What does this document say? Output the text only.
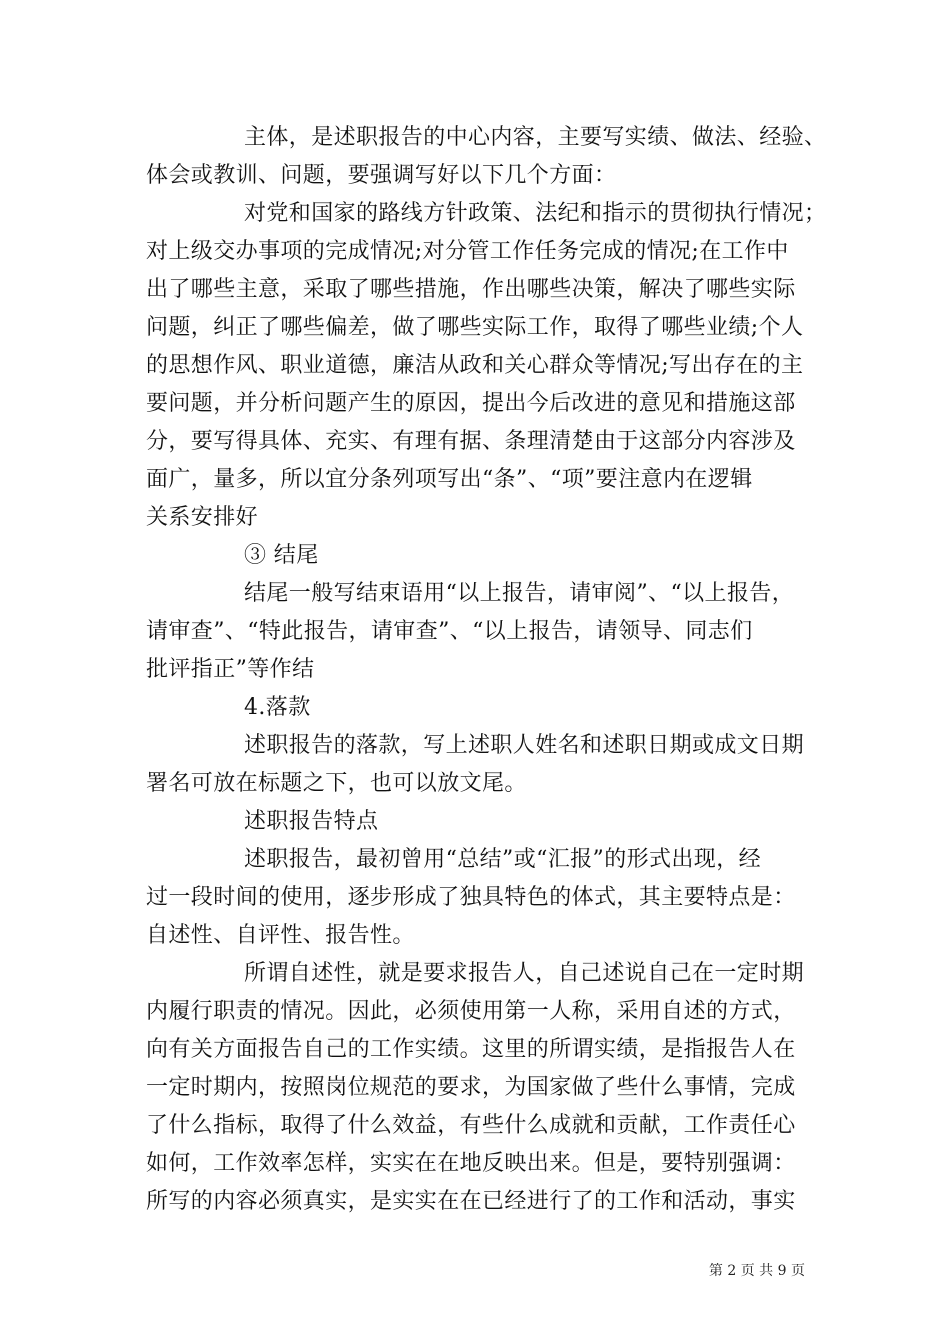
主体，是述职报告的中心内容，主要写实绩、做法、经验、
体会或教训、问题，要强调写好以下几个方面：
对党和国家的路线方针政策、法纪和指示的贯彻执行情况；
对上级交办事项的完成情况;对分管工作任务完成的情况;在工作中
出了哪些主意，采取了哪些措施，作出哪些决策，解决了哪些实际
问题，纠正了哪些偏差，做了哪些实际工作，取得了哪些业绩;个人
的思想作风、职业道德，廉洁从政和关心群众等情况;写出存在的主
要问题，并分析问题产生的原因，提出今后改进的意见和措施这部
分，要写得具体、充实、有理有据、条理清楚由于这部分内容涉及
面广，量多，所以宜分条列项写出“条”、“项”要注意内在逻辑
关系安排好
③ 结尾
结尾一般写结束语用“以上报告，请审阅”、“以上报告，
请审查”、“特此报告，请审查”、“以上报告，请领导、同志们
批评指正”等作结
4.落款
述职报告的落款，写上述职人姓名和述职日期或成文日期
署名可放在标题之下，也可以放文尾。
述职报告特点
述职报告，最初曾用“总结”或“汇报”的形式出现，经
过一段时间的使用，逐步形成了独具特色的体式，其主要特点是：
自述性、自评性、报告性。
所谓自述性，就是要求报告人，自己述说自己在一定时期
内履行职责的情况。因此，必须使用第一人称，采用自述的方式，
向有关方面报告自己的工作实绩。这里的所谓实绩，是指报告人在
一定时期内，按照岗位规范的要求，为国家做了些什么事情，完成
了什么指标，取得了什么效益，有些什么成就和贡献，工作责任心
如何，工作效率怎样，实实在在地反映出来。但是，要特别强调：
所写的内容必须真实，是实实在在已经进行了的工作和活动，事实
第 2 页 共 9 页
